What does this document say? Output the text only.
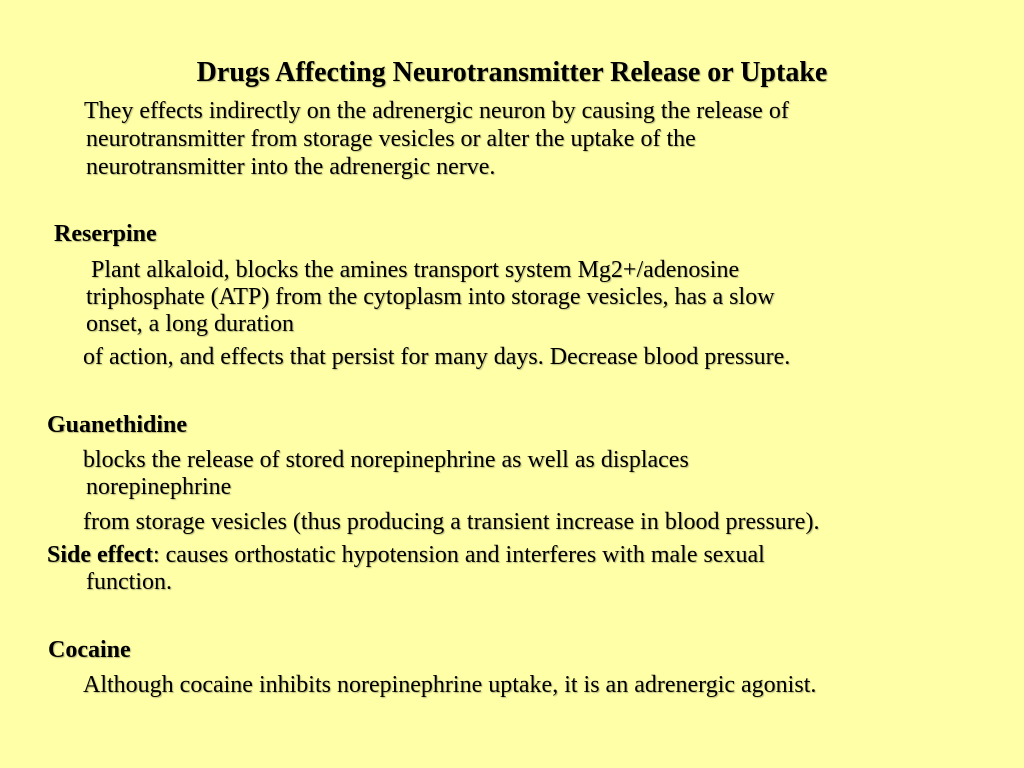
Drugs Affecting Neurotransmitter Release or Uptake
They effects indirectly on the adrenergic neuron by causing the release of
neurotransmitter from storage vesicles or alter the uptake of the
neurotransmitter into the adrenergic nerve.
Reserpine
Plant alkaloid, blocks the amines transport system Mg2+/adenosine
triphosphate (ATP) from the cytoplasm into storage vesicles, has a slow
onset, a long duration
of action, and effects that persist for many days. Decrease blood pressure.
Guanethidine
blocks the release of stored norepinephrine as well as displaces
norepinephrine
from storage vesicles (thus producing a transient increase in blood pressure).
Side effect: causes orthostatic hypotension and interferes with male sexual
function.
Cocaine
Although cocaine inhibits norepinephrine uptake, it is an adrenergic agonist.
